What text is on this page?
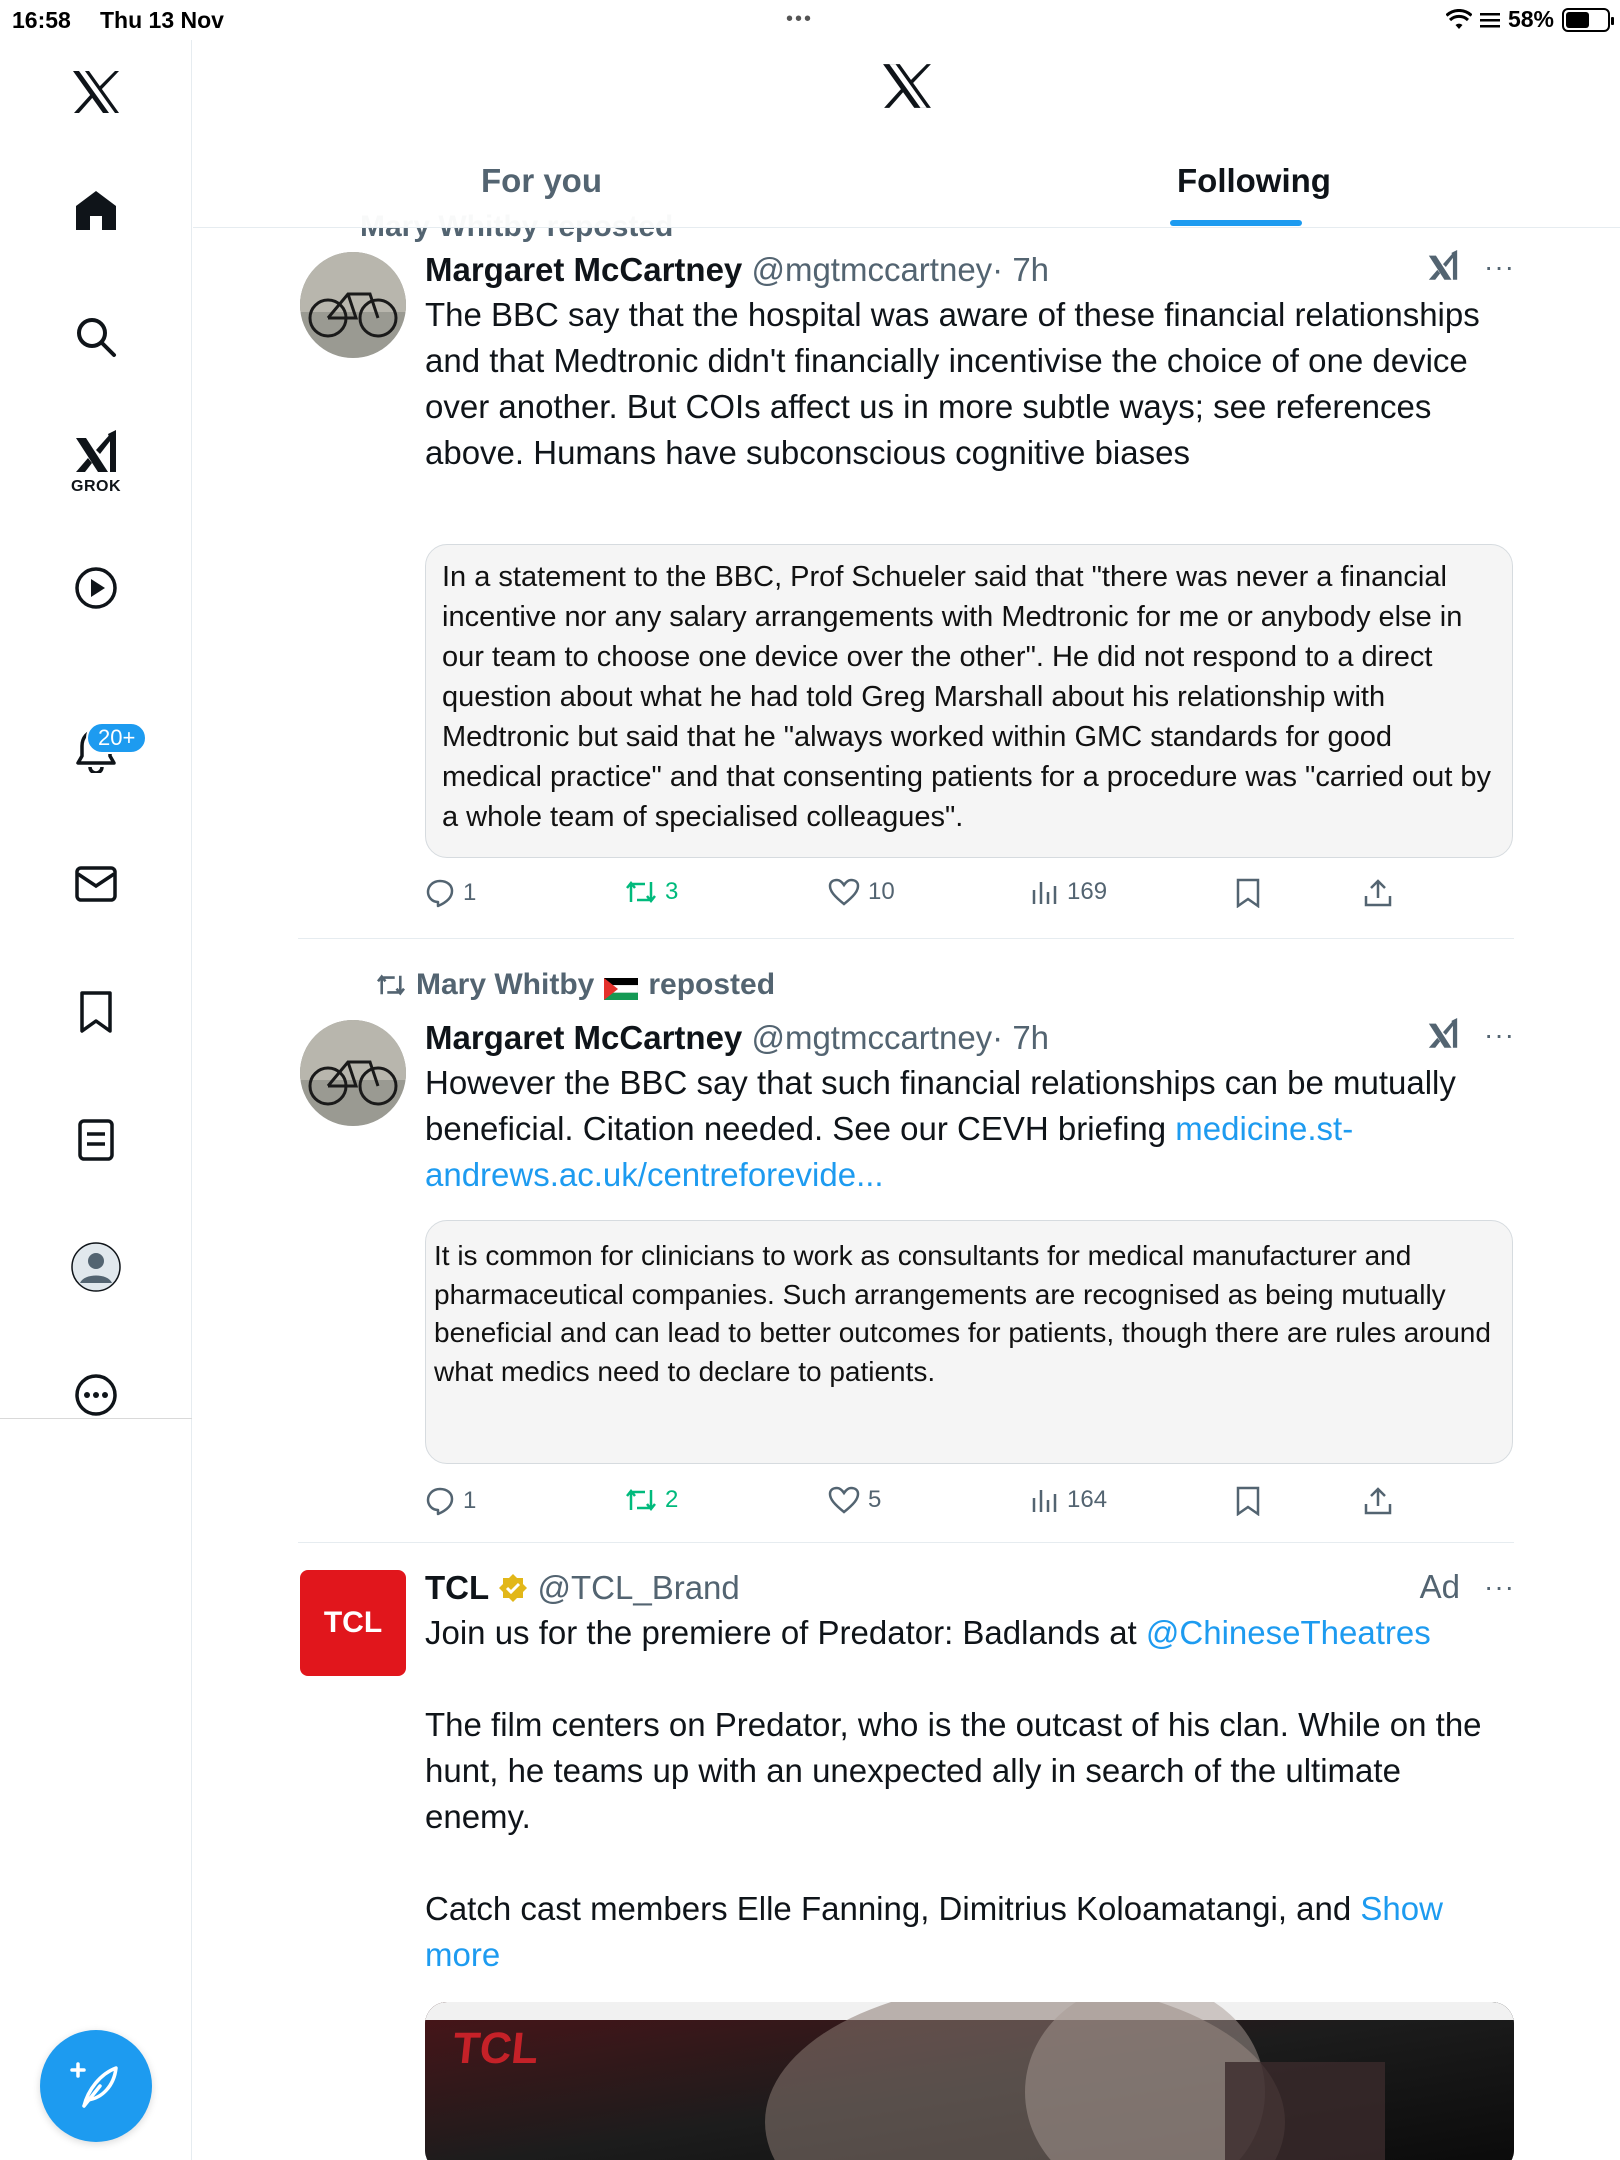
16:58 Thu 13 Nov	•••	58%
GROK
20+
For you	Following
Margaret McCartney @mgtmccartney· 7h	···
The BBC say that the hospital was aware of these financial relationships and that Medtronic didn't financially incentivise the choice of one device over another. But COIs affect us in more subtle ways; see references above. Humans have subconscious cognitive biases
In a statement to the BBC, Prof Schueler said that "there was never a financial incentive nor any salary arrangements with Medtronic for me or anybody else in our team to choose one device over the other". He did not respond to a direct question about what he had told Greg Marshall about his relationship with Medtronic but said that he "always worked within GMC standards for good medical practice" and that consenting patients for a procedure was "carried out by a whole team of specialised colleagues".
1	3	10	169
Mary Whitby reposted
Margaret McCartney @mgtmccartney· 7h	···
However the BBC say that such financial relationships can be mutually beneficial. Citation needed. See our CEVH briefing medicine.st-andrews.ac.uk/centreforevide...
It is common for clinicians to work as consultants for medical manufacturer and pharmaceutical companies. Such arrangements are recognised as being mutually beneficial and can lead to better outcomes for patients, though there are rules around what medics need to declare to patients.
1	2	5	164
TCL
TCL @TCL_Brand	Ad ···
Join us for the premiere of Predator: Badlands at @ChineseTheatres
The film centers on Predator, who is the outcast of his clan. While on the hunt, he teams up with an unexpected ally in search of the ultimate enemy.
Catch cast members Elle Fanning, Dimitrius Koloamatangi, and Show more
TCL
